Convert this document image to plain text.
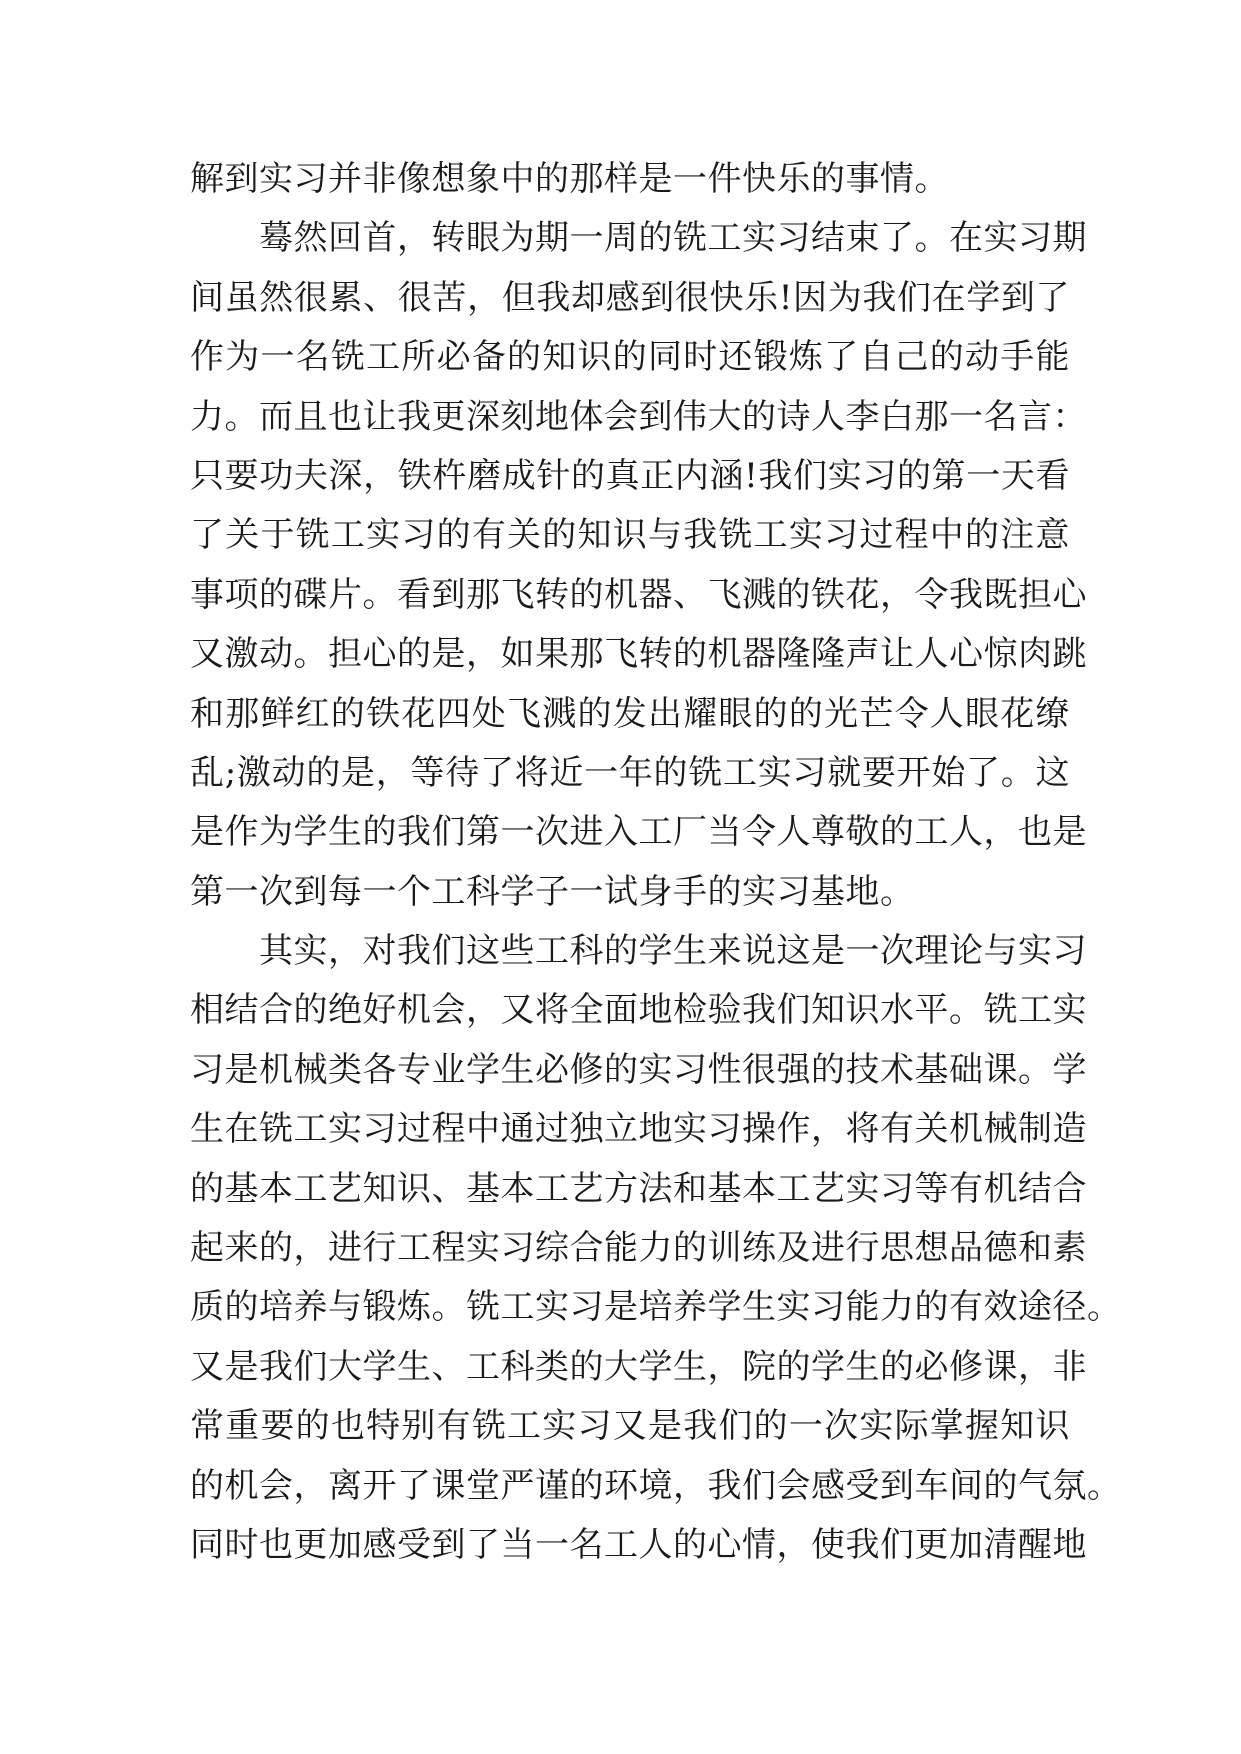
解到实习并非像想象中的那样是一件快乐的事情。
　　蓦然回首，转眼为期一周的铣工实习结束了。在实习期
间虽然很累、很苦，但我却感到很快乐!因为我们在学到了
作为一名铣工所必备的知识的同时还锻炼了自己的动手能
力。而且也让我更深刻地体会到伟大的诗人李白那一名言：
只要功夫深，铁杵磨成针的真正内涵!我们实习的第一天看
了关于铣工实习的有关的知识与我铣工实习过程中的注意
事项的碟片。看到那飞转的机器、飞溅的铁花，令我既担心
又激动。担心的是，如果那飞转的机器隆隆声让人心惊肉跳
和那鲜红的铁花四处飞溅的发出耀眼的的光芒令人眼花缭
乱;激动的是，等待了将近一年的铣工实习就要开始了。这
是作为学生的我们第一次进入工厂当令人尊敬的工人，也是
第一次到每一个工科学子一试身手的实习基地。
　　其实，对我们这些工科的学生来说这是一次理论与实习
相结合的绝好机会，又将全面地检验我们知识水平。铣工实
习是机械类各专业学生必修的实习性很强的技术基础课。学
生在铣工实习过程中通过独立地实习操作，将有关机械制造
的基本工艺知识、基本工艺方法和基本工艺实习等有机结合
起来的，进行工程实习综合能力的训练及进行思想品德和素
质的培养与锻炼。铣工实习是培养学生实习能力的有效途径。
又是我们大学生、工科类的大学生，院的学生的必修课，非
常重要的也特别有铣工实习又是我们的一次实际掌握知识
的机会，离开了课堂严谨的环境，我们会感受到车间的气氛。
同时也更加感受到了当一名工人的心情，使我们更加清醒地
